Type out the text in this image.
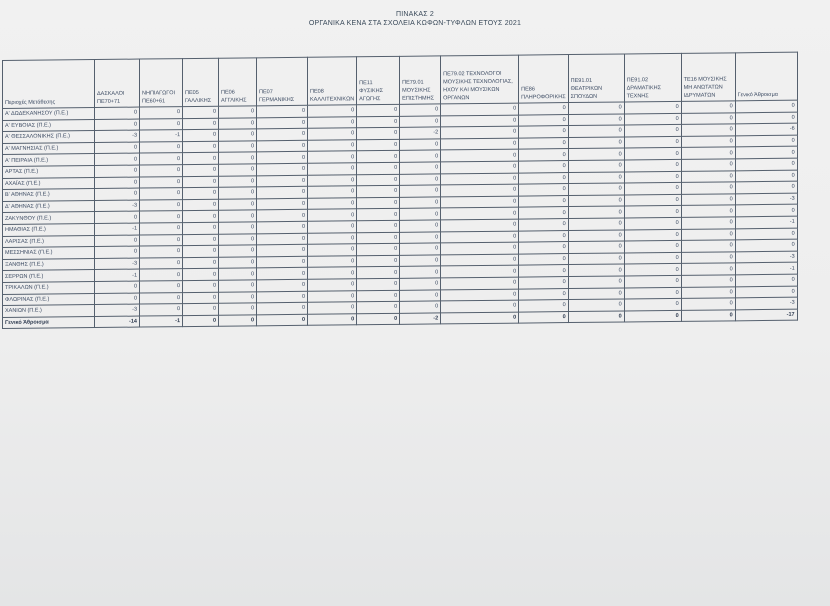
ΠΙΝΑΚΑΣ 2
ΟΡΓΑΝΙΚΑ ΚΕΝΑ ΣΤΑ ΣΧΟΛΕΙΑ ΚΩΦΩΝ-ΤΥΦΛΩΝ ΕΤΟΥΣ 2021
Περιοχές Μετάθεσης	ΔΑΣΚΑΛΟΙ ΠΕ70+71	ΝΗΠΙΑΓΩΓΟΙ ΠΕ60+61	ΠΕ05 ΓΑΛΛΙΚΗΣ	ΠΕ06 ΑΓΓΛΙΚΗΣ	ΠΕ07 ΓΕΡΜΑΝΙΚΗΣ	ΠΕ08 ΚΑΛΛΙΤΕΧΝΙΚΩΝ	ΠΕ11 ΦΥΣΙΚΗΣ ΑΓΩΓΗΣ	ΠΕ79.01 ΜΟΥΣΙΚΗΣ ΕΠΙΣΤΗΜΗΣ	ΠΕ79.02 ΤΕΧΝΟΛΟΓΟΙ ΜΟΥΣΙΚΗΣ ΤΕΧΝΟΛΟΓΙΑΣ, ΗΧΟΥ ΚΑΙ ΜΟΥΣΙΚΩΝ ΟΡΓΑΝΩΝ	ΠΕ86 ΠΛΗΡΟΦΟΡΙΚΗΣ	ΠΕ91.01 ΘΕΑΤΡΙΚΩΝ ΣΠΟΥΔΩΝ	ΠΕ91.02 ΔΡΑΜΑΤΙΚΗΣ ΤΕΧΝΗΣ	ΤΕ16 ΜΟΥΣΙΚΗΣ ΜΗ ΑΝΩΤΑΤΩΝ ΙΔΡΥΜΑΤΩΝ	Γενικό Άθροισμα
Α' ΔΩΔΕΚΑΝΗΣΟΥ (Π.Ε.)	0	0	0	0	0	0	0	0	0	0	0	0	0	0
Α' ΕΥΒΟΙΑΣ (Π.Ε.)	0	0	0	0	0	0	0	0	0	0	0	0	0	0
Α' ΘΕΣΣΑΛΟΝΙΚΗΣ (Π.Ε.)	-3	-1	0	0	0	0	0	-2	0	0	0	0	0	-6
Α' ΜΑΓΝΗΣΙΑΣ (Π.Ε.)	0	0	0	0	0	0	0	0	0	0	0	0	0	0
Α' ΠΕΙΡΑΙΑ (Π.Ε.)	0	0	0	0	0	0	0	0	0	0	0	0	0	0
ΑΡΤΑΣ (Π.Ε.)	0	0	0	0	0	0	0	0	0	0	0	0	0	0
ΑΧΑΪΑΣ (Π.Ε.)	0	0	0	0	0	0	0	0	0	0	0	0	0	0
Β' ΑΘΗΝΑΣ (Π.Ε.)	0	0	0	0	0	0	0	0	0	0	0	0	0	0
Δ' ΑΘΗΝΑΣ (Π.Ε.)	-3	0	0	0	0	0	0	0	0	0	0	0	0	-3
ΖΑΚΥΝΘΟΥ (Π.Ε.)	0	0	0	0	0	0	0	0	0	0	0	0	0	0
ΗΜΑΘΙΑΣ (Π.Ε.)	-1	0	0	0	0	0	0	0	0	0	0	0	0	-1
ΛΑΡΙΣΑΣ (Π.Ε.)	0	0	0	0	0	0	0	0	0	0	0	0	0	0
ΜΕΣΣΗΝΙΑΣ (Π.Ε.)	0	0	0	0	0	0	0	0	0	0	0	0	0	0
ΞΑΝΘΗΣ (Π.Ε.)	-3	0	0	0	0	0	0	0	0	0	0	0	0	-3
ΣΕΡΡΩΝ (Π.Ε.)	-1	0	0	0	0	0	0	0	0	0	0	0	0	-1
ΤΡΙΚΑΛΩΝ (Π.Ε.)	0	0	0	0	0	0	0	0	0	0	0	0	0	0
ΦΛΩΡΙΝΑΣ (Π.Ε.)	0	0	0	0	0	0	0	0	0	0	0	0	0	0
ΧΑΝΙΩΝ (Π.Ε.)	-3	0	0	0	0	0	0	0	0	0	0	0	0	-3
Γενικό Άθροισμα	-14	-1	0	0	0	0	0	-2	0	0	0	0	0	-17
